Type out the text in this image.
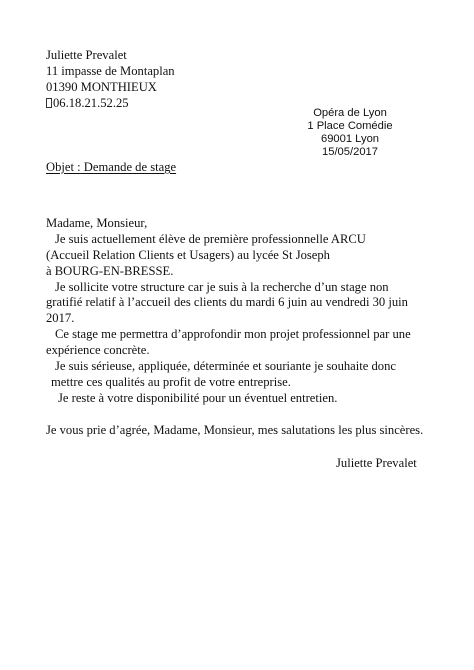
Juliette Prevalet
11 impasse de Montaplan
01390 MONTHIEUX
06.18.21.52.25
Opéra de Lyon
1 Place Comédie
69001 Lyon
15/05/2017
Objet : Demande de stage
Madame, Monsieur,
Je suis actuellement élève de première professionnelle ARCU
(Accueil Relation Clients et Usagers) au lycée St Joseph
à BOURG-EN-BRESSE.
Je sollicite votre structure car je suis à la recherche d’un stage non
gratifié relatif à l’accueil des clients du mardi 6 juin au vendredi 30 juin
2017.
Ce stage me permettra d’approfondir mon projet professionnel par une
expérience concrète.
Je suis sérieuse, appliquée, déterminée et souriante je souhaite donc
mettre ces qualités au profit de votre entreprise.
Je reste à votre disponibilité pour un éventuel entretien.
Je vous prie d’agrée, Madame, Monsieur, mes salutations les plus sincères.
Juliette Prevalet
